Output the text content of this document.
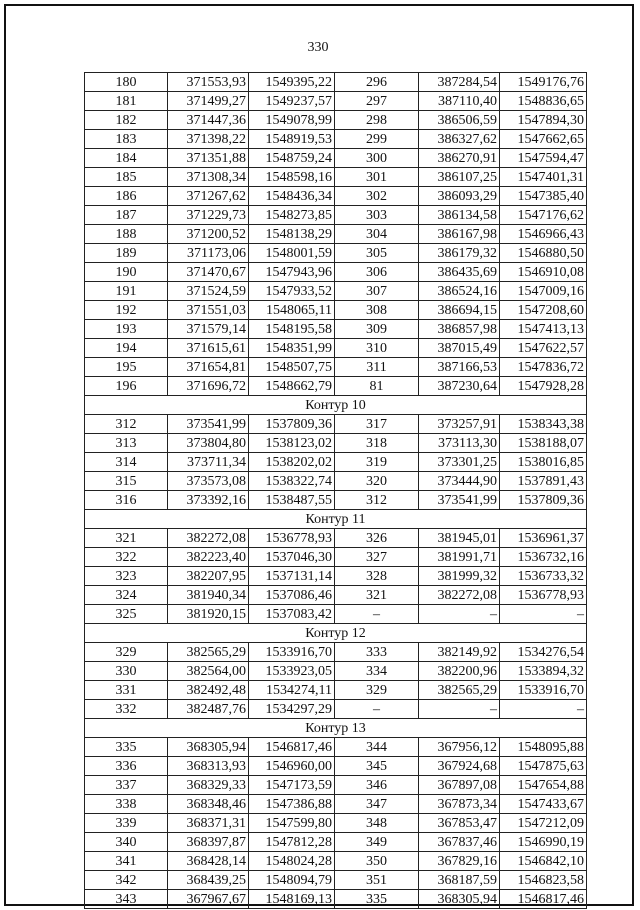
330
180	371553,93	1549395,22	296	387284,54	1549176,76
181	371499,27	1549237,57	297	387110,40	1548836,65
182	371447,36	1549078,99	298	386506,59	1547894,30
183	371398,22	1548919,53	299	386327,62	1547662,65
184	371351,88	1548759,24	300	386270,91	1547594,47
185	371308,34	1548598,16	301	386107,25	1547401,31
186	371267,62	1548436,34	302	386093,29	1547385,40
187	371229,73	1548273,85	303	386134,58	1547176,62
188	371200,52	1548138,29	304	386167,98	1546966,43
189	371173,06	1548001,59	305	386179,32	1546880,50
190	371470,67	1547943,96	306	386435,69	1546910,08
191	371524,59	1547933,52	307	386524,16	1547009,16
192	371551,03	1548065,11	308	386694,15	1547208,60
193	371579,14	1548195,58	309	386857,98	1547413,13
194	371615,61	1548351,99	310	387015,49	1547622,57
195	371654,81	1548507,75	311	387166,53	1547836,72
196	371696,72	1548662,79	81	387230,64	1547928,28
Контур 10					
312	373541,99	1537809,36	317	373257,91	1538343,38
313	373804,80	1538123,02	318	373113,30	1538188,07
314	373711,34	1538202,02	319	373301,25	1538016,85
315	373573,08	1538322,74	320	373444,90	1537891,43
316	373392,16	1538487,55	312	373541,99	1537809,36
Контур 11					
321	382272,08	1536778,93	326	381945,01	1536961,37
322	382223,40	1537046,30	327	381991,71	1536732,16
323	382207,95	1537131,14	328	381999,32	1536733,32
324	381940,34	1537086,46	321	382272,08	1536778,93
325	381920,15	1537083,42	–	–	–
Контур 12					
329	382565,29	1533916,70	333	382149,92	1534276,54
330	382564,00	1533923,05	334	382200,96	1533894,32
331	382492,48	1534274,11	329	382565,29	1533916,70
332	382487,76	1534297,29	–	–	–
Контур 13					
335	368305,94	1546817,46	344	367956,12	1548095,88
336	368313,93	1546960,00	345	367924,68	1547875,63
337	368329,33	1547173,59	346	367897,08	1547654,88
338	368348,46	1547386,88	347	367873,34	1547433,67
339	368371,31	1547599,80	348	367853,47	1547212,09
340	368397,87	1547812,28	349	367837,46	1546990,19
341	368428,14	1548024,28	350	367829,16	1546842,10
342	368439,25	1548094,79	351	368187,59	1546823,58
343	367967,67	1548169,13	335	368305,94	1546817,46
